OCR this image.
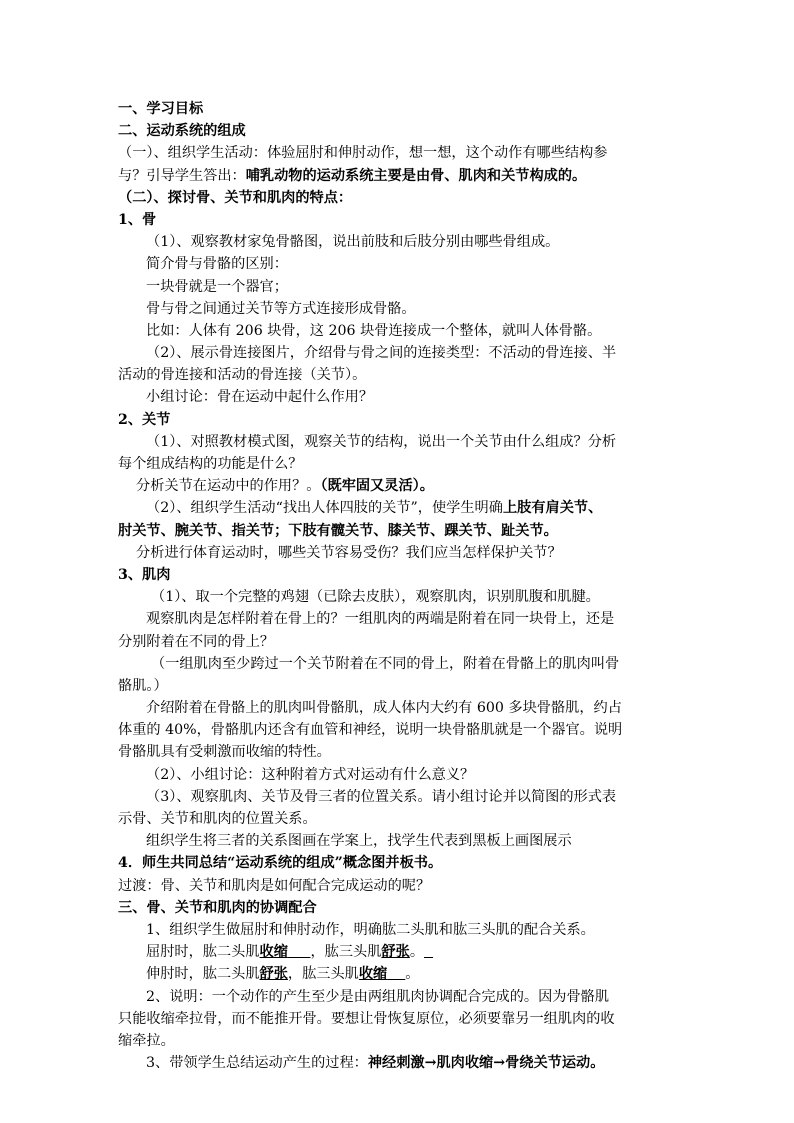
一、学习目标
二、运动系统的组成
（一）、组织学生活动：体验屈肘和伸肘动作，想一想，这个动作有哪些结构参
与？引导学生答出：哺乳动物的运动系统主要是由骨、肌肉和关节构成的。
（二）、探讨骨、关节和肌肉的特点：
1、骨
（1）、观察教材家兔骨骼图，说出前肢和后肢分别由哪些骨组成。
简介骨与骨骼的区别：
一块骨就是一个器官；
骨与骨之间通过关节等方式连接形成骨骼。
比如：人体有 206 块骨，这 206 块骨连接成一个整体，就叫人体骨骼。
（2）、展示骨连接图片，介绍骨与骨之间的连接类型：不活动的骨连接、半
活动的骨连接和活动的骨连接（关节）。
小组讨论：骨在运动中起什么作用？
2、关节
（1）、对照教材模式图，观察关节的结构，说出一个关节由什么组成？分析
每个组成结构的功能是什么？
分析关节在运动中的作用？。（既牢固又灵活）。
（2）、组织学生活动“找出人体四肢的关节”，使学生明确上肢有肩关节、
肘关节、腕关节、指关节；下肢有髋关节、膝关节、踝关节、趾关节。
分析进行体育运动时，哪些关节容易受伤？我们应当怎样保护关节？
3、肌肉
（1）、取一个完整的鸡翅（已除去皮肤），观察肌肉，识别肌腹和肌腱。
观察肌肉是怎样附着在骨上的？一组肌肉的两端是附着在同一块骨上，还是
分别附着在不同的骨上？
（一组肌肉至少跨过一个关节附着在不同的骨上，附着在骨骼上的肌肉叫骨
骼肌。）
介绍附着在骨骼上的肌肉叫骨骼肌，成人体内大约有 600 多块骨骼肌，约占
体重的 40%，骨骼肌内还含有血管和神经，说明一块骨骼肌就是一个器官。说明
骨骼肌具有受刺激而收缩的特性。
（2）、小组讨论：这种附着方式对运动有什么意义？
（3）、观察肌肉、关节及骨三者的位置关系。请小组讨论并以简图的形式表
示骨、关节和肌肉的位置关系。
组织学生将三者的关系图画在学案上，找学生代表到黑板上画图展示
4．师生共同总结“运动系统的组成”概念图并板书。
过渡：骨、关节和肌肉是如何配合完成运动的呢？
三、骨、关节和肌肉的协调配合
1、组织学生做屈肘和伸肘动作，明确肱二头肌和肱三头肌的配合关系。
屈肘时，肱二头肌收缩 ，肱三头肌舒张。
伸肘时，肱二头肌舒张，肱三头肌收缩 。
2、说明：一个动作的产生至少是由两组肌肉协调配合完成的。因为骨骼肌
只能收缩牵拉骨，而不能推开骨。要想让骨恢复原位，必须要靠另一组肌肉的收
缩牵拉。
3、带领学生总结运动产生的过程：神经刺激→肌肉收缩→骨绕关节运动。
